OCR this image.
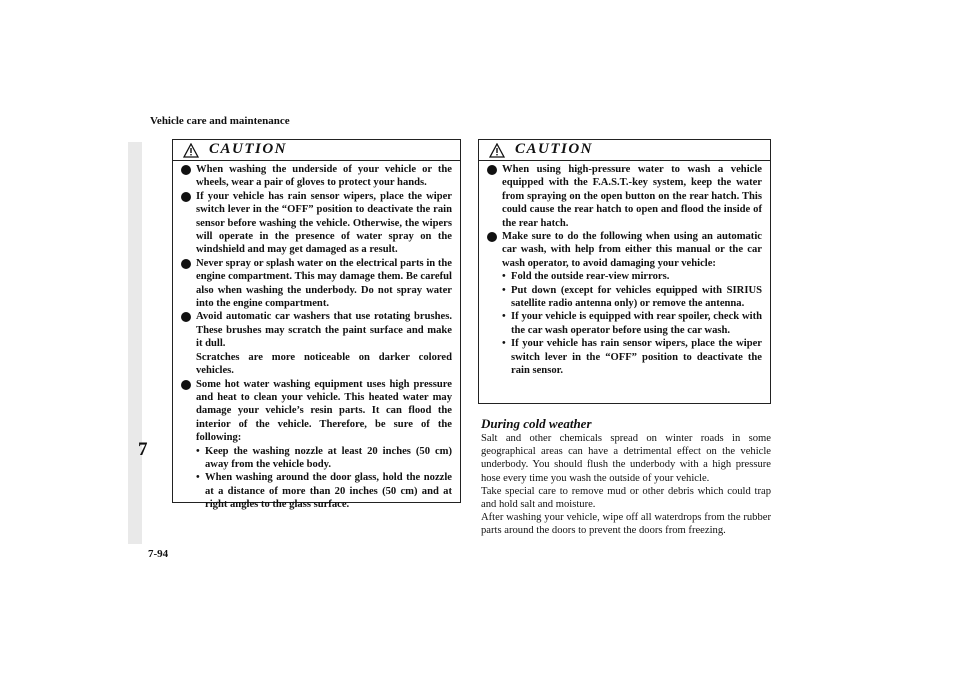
Vehicle care and maintenance
7
7-94
CAUTION
When washing the underside of your vehicle or the wheels, wear a pair of gloves to protect your hands.
If your vehicle has rain sensor wipers, place the wiper switch lever in the “OFF” position to deactivate the rain sensor before washing the vehicle. Otherwise, the wipers will operate in the presence of water spray on the windshield and may get damaged as a result.
Never spray or splash water on the electrical parts in the engine compartment. This may damage them. Be careful also when washing the underbody. Do not spray water into the engine compartment.
Avoid automatic car washers that use rotating brushes. These brushes may scratch the paint surface and make it dull.
Scratches are more noticeable on darker colored vehicles.
Some hot water washing equipment uses high pressure and heat to clean your vehicle. This heated water may damage your vehicle’s resin parts. It can flood the interior of the vehicle. Therefore, be sure of the following:
• Keep the washing nozzle at least 20 inches (50 cm) away from the vehicle body.
• When washing around the door glass, hold the nozzle at a distance of more than 20 inches (50 cm) and at right angles to the glass surface.
CAUTION
When using high-pressure water to wash a vehicle equipped with the F.A.S.T.-key system, keep the water from spraying on the open button on the rear hatch. This could cause the rear hatch to open and flood the inside of the rear hatch.
Make sure to do the following when using an automatic car wash, with help from either this manual or the car wash operator, to avoid damaging your vehicle:
• Fold the outside rear-view mirrors.
• Put down (except for vehicles equipped with SIRIUS satellite radio antenna only) or remove the antenna.
• If your vehicle is equipped with rear spoiler, check with the car wash operator before using the car wash.
• If your vehicle has rain sensor wipers, place the wiper switch lever in the “OFF” position to deactivate the rain sensor.
During cold weather

Salt and other chemicals spread on winter roads in some geographical areas can have a detrimental effect on the vehicle underbody. You should flush the underbody with a high pressure hose every time you wash the outside of your vehicle.

Take special care to remove mud or other debris which could trap and hold salt and moisture.

After washing your vehicle, wipe off all waterdrops from the rubber parts around the doors to prevent the doors from freezing.
